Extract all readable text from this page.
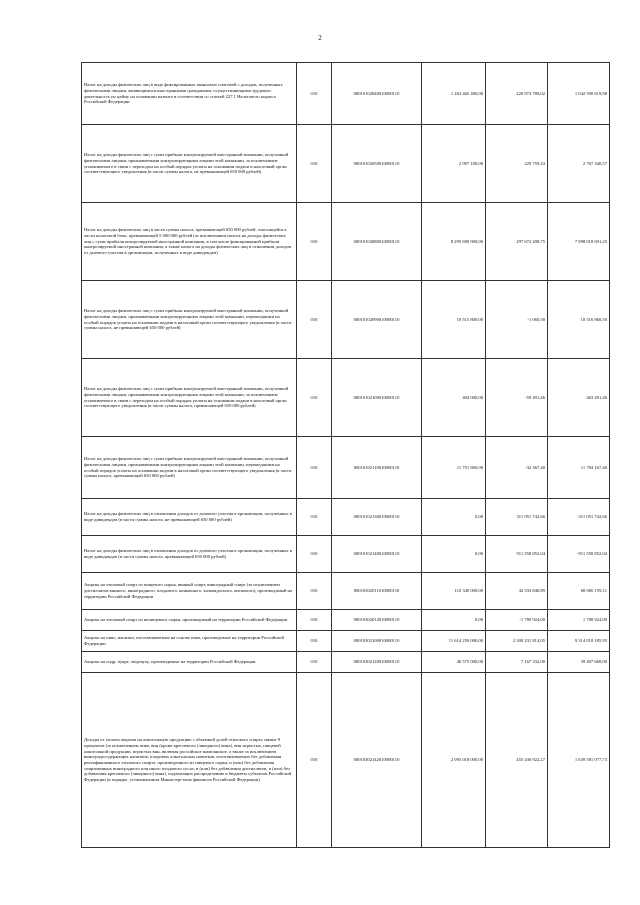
2
Налог на доходы физических лиц в виде фиксированных авансовых платежей с доходов, полученных физическими лицами, являющимися иностранными гражданами, осуществляющими трудовую деятельность по найму на основании патента в соответствии со статьей 227.1 Налогового кодекса Российской Федерации	010	00010102040010000110	1 263 465 400,00	220 874 780,02	1 042 590 619,98
Налог на доходы физических лиц с сумм прибыли контролируемой иностранной компании, полученной физическими лицами, признаваемыми контролирующими лицами этой компании, за исключением уплачиваемого в связи с переходом на особый порядок уплаты на основании подачи в налоговый орган соответствующего уведомления (в части суммы налога, не превышающей 650 000 рублей)	010	00010102050010000110	2 997 100,00	229 759,43	2 767 340,57
Налог на доходы физических лиц в части суммы налога, превышающей 650 000 рублей, относящейся к части налоговой базы, превышающей 5 000 000 рублей (за исключением налога на доходы физических лиц с сумм прибыли контролируемой иностранной компании, в том числе фиксированной прибыли контролируемой иностранной компании, а также налога на доходы физических лиц в отношении доходов от долевого участия в организации, полученных в виде дивидендов)	010	00010102080010000110	8 295 690 900,00	297 672 208,75	7 998 018 691,25
Налог на доходы физических лиц с сумм прибыли контролируемой иностранной компании, полученной физическими лицами, признаваемыми контролирующими лицами этой компании, перешедшими на особый порядок уплаты на основании подачи в налоговый орган соответствующего уведомления (в части суммы налога, не превышающей 650 000 рублей)	010	00010102090010000110	10 515 800,00	-1 060,50	10 516 860,50
Налог на доходы физических лиц с сумм прибыли контролируемой иностранной компании, полученной физическими лицами, признаваемыми контролирующими лицами этой компании, за исключением уплачиваемого в связи с переходом на особый порядок уплаты на основании подачи в налоговый орган соответствующего уведомления (в части суммы налога, превышающей 650 000 рублей)	010	00010102100010000110	404 000,00	-59 491,46	463 491,46
Налог на доходы физических лиц с сумм прибыли контролируемой иностранной компании, полученной физическими лицами, признаваемыми контролирующими лицами этой компании, перешедшими на особый порядок уплаты на основании подачи в налоговый орган соответствующего уведомления (в части суммы налога, превышающей 650 000 рублей)	010	00010102110010000110	11 751 800,00	-32 367,40	11 784 167,40
Налог на доходы физических лиц в отношении доходов от долевого участия в организации, полученных в виде дивидендов (в части суммы налога, не превышающей 650 000 рублей)	010	00010102130010000110	0,00	311 051 742,66	-311 051 742,66
Налог на доходы физических лиц в отношении доходов от долевого участия в организации, полученных в виде дивидендов (в части суммы налога, превышающей 650 000 рублей)	010	00010102140010000110	0,00	911 558 852,04	-911 558 852,04
Акцизы на этиловый спирт из пищевого сырья, винный спирт, виноградный спирт (за исключением дистиллятов винного, виноградного, плодового, коньячного, кальвадосного, вискового), производимый на территории Российской Федерации	010	00010302011010000110	110 340 000,00	42 333 840,89	68 006 159,11
Акцизы на этиловый спирт из непищевого сырья, производимый на территории Российской Федерации	010	00010302012010000110	0,00	-1 780 924,00	1 780 924,00
Акцизы на пиво, напитки, изготавливаемые на основе пива, производимые на территории Российской Федерации	010	00010302100010000110	11 614 250 000,00	2 300 231 814,05	9 314 018 185,95
Акцизы на сидр, пуаре, медовуху, производимые на территории Российской Федерации	010	00010302120010000110	46 575 000,00	7 167 332,00	39 407 668,00
Доходы от уплаты акцизов на алкогольную продукцию с объемной долей этилового спирта свыше 9 процентов (за исключением пива, вин (кроме крепленого (ликерного) вина), вин игристых, пищевой алкогольной продукции, игристых вин, включая российское шампанское, а также за исключением виноградосодержащих напитков, плодовых алкогольных напитков, изготавливаемых без добавления ректификованного этилового спирта, произведенного из пищевого сырья, и (или) без добавления спиртованных виноградного или иного плодового сусла, и (или) без добавления дистиллятов, и (или) без добавления крепленого (ликерного) вина), подлежащих распределению в бюджеты субъектов Российской Федерации (в порядке, установленном Министерством финансов Российской Федерации)	010	00010302142010000110	2 095 018 000,00	455 436 922,27	1 639 581 077,73
